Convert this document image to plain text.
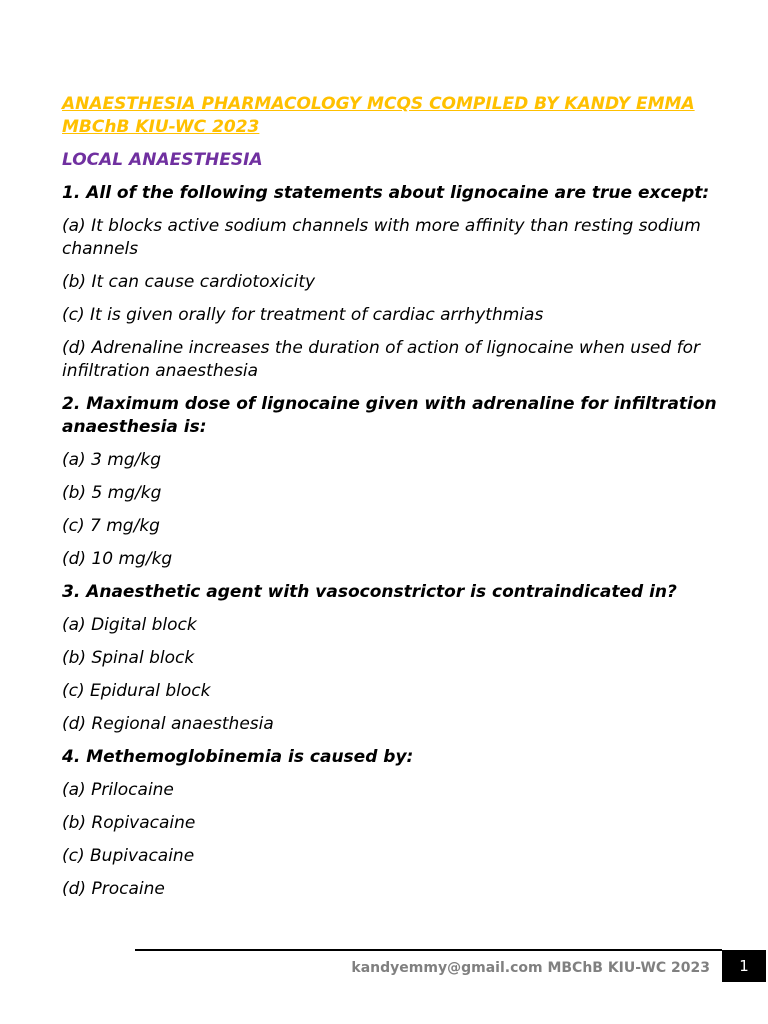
ANAESTHESIA PHARMACOLOGY MCQS COMPILED BY KANDY EMMA MBChB KIU-WC 2023
LOCAL ANAESTHESIA
1. All of the following statements about lignocaine are true except:
(a) It blocks active sodium channels with more affinity than resting sodium channels
(b) It can cause cardiotoxicity
(c) It is given orally for treatment of cardiac arrhythmias
(d) Adrenaline increases the duration of action of lignocaine when used for infiltration anaesthesia
2. Maximum dose of lignocaine given with adrenaline for infiltration anaesthesia is:
(a) 3 mg/kg
(b) 5 mg/kg
(c) 7 mg/kg
(d) 10 mg/kg
3. Anaesthetic agent with vasoconstrictor is contraindicated in?
(a) Digital block
(b) Spinal block
(c) Epidural block
(d) Regional anaesthesia
4. Methemoglobinemia is caused by:
(a) Prilocaine
(b) Ropivacaine
(c) Bupivacaine
(d) Procaine
kandyemmy@gmail.com MBChB KIU-WC 2023	1
